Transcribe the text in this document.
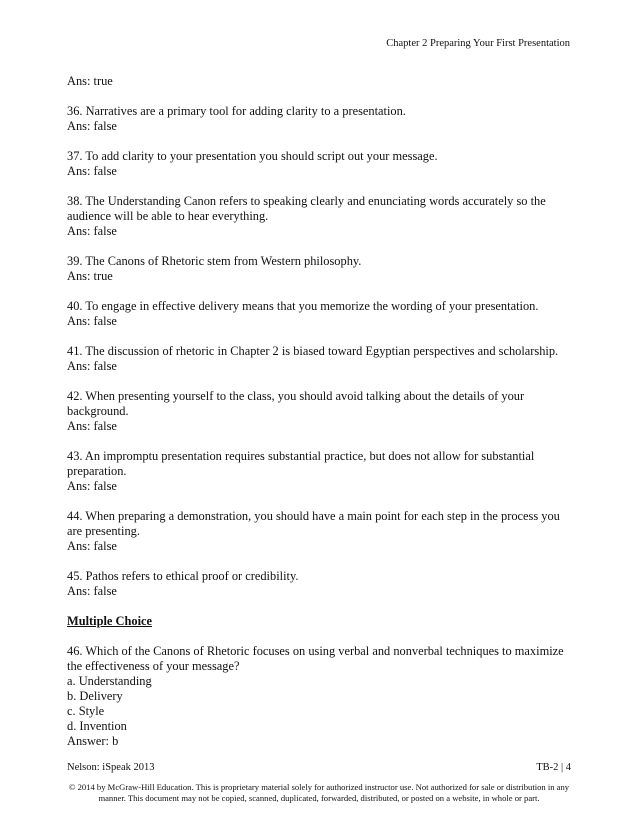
Chapter 2 Preparing Your First Presentation
Ans: true
36. Narratives are a primary tool for adding clarity to a presentation.
Ans: false
37. To add clarity to your presentation you should script out your message.
Ans: false
38. The Understanding Canon refers to speaking clearly and enunciating words accurately so the audience will be able to hear everything.
Ans: false
39. The Canons of Rhetoric stem from Western philosophy.
Ans: true
40. To engage in effective delivery means that you memorize the wording of your presentation.
Ans: false
41. The discussion of rhetoric in Chapter 2 is biased toward Egyptian perspectives and scholarship.
Ans: false
42. When presenting yourself to the class, you should avoid talking about the details of your background.
Ans: false
43. An impromptu presentation requires substantial practice, but does not allow for substantial preparation.
Ans: false
44. When preparing a demonstration, you should have a main point for each step in the process you are presenting.
Ans: false
45. Pathos refers to ethical proof or credibility.
Ans: false
Multiple Choice
46. Which of the Canons of Rhetoric focuses on using verbal and nonverbal techniques to maximize the effectiveness of your message?
a. Understanding
b. Delivery
c. Style
d. Invention
Answer: b
Nelson: iSpeak 2013	TB-2 | 4
© 2014 by McGraw-Hill Education. This is proprietary material solely for authorized instructor use. Not authorized for sale or distribution in any manner. This document may not be copied, scanned, duplicated, forwarded, distributed, or posted on a website, in whole or part.
